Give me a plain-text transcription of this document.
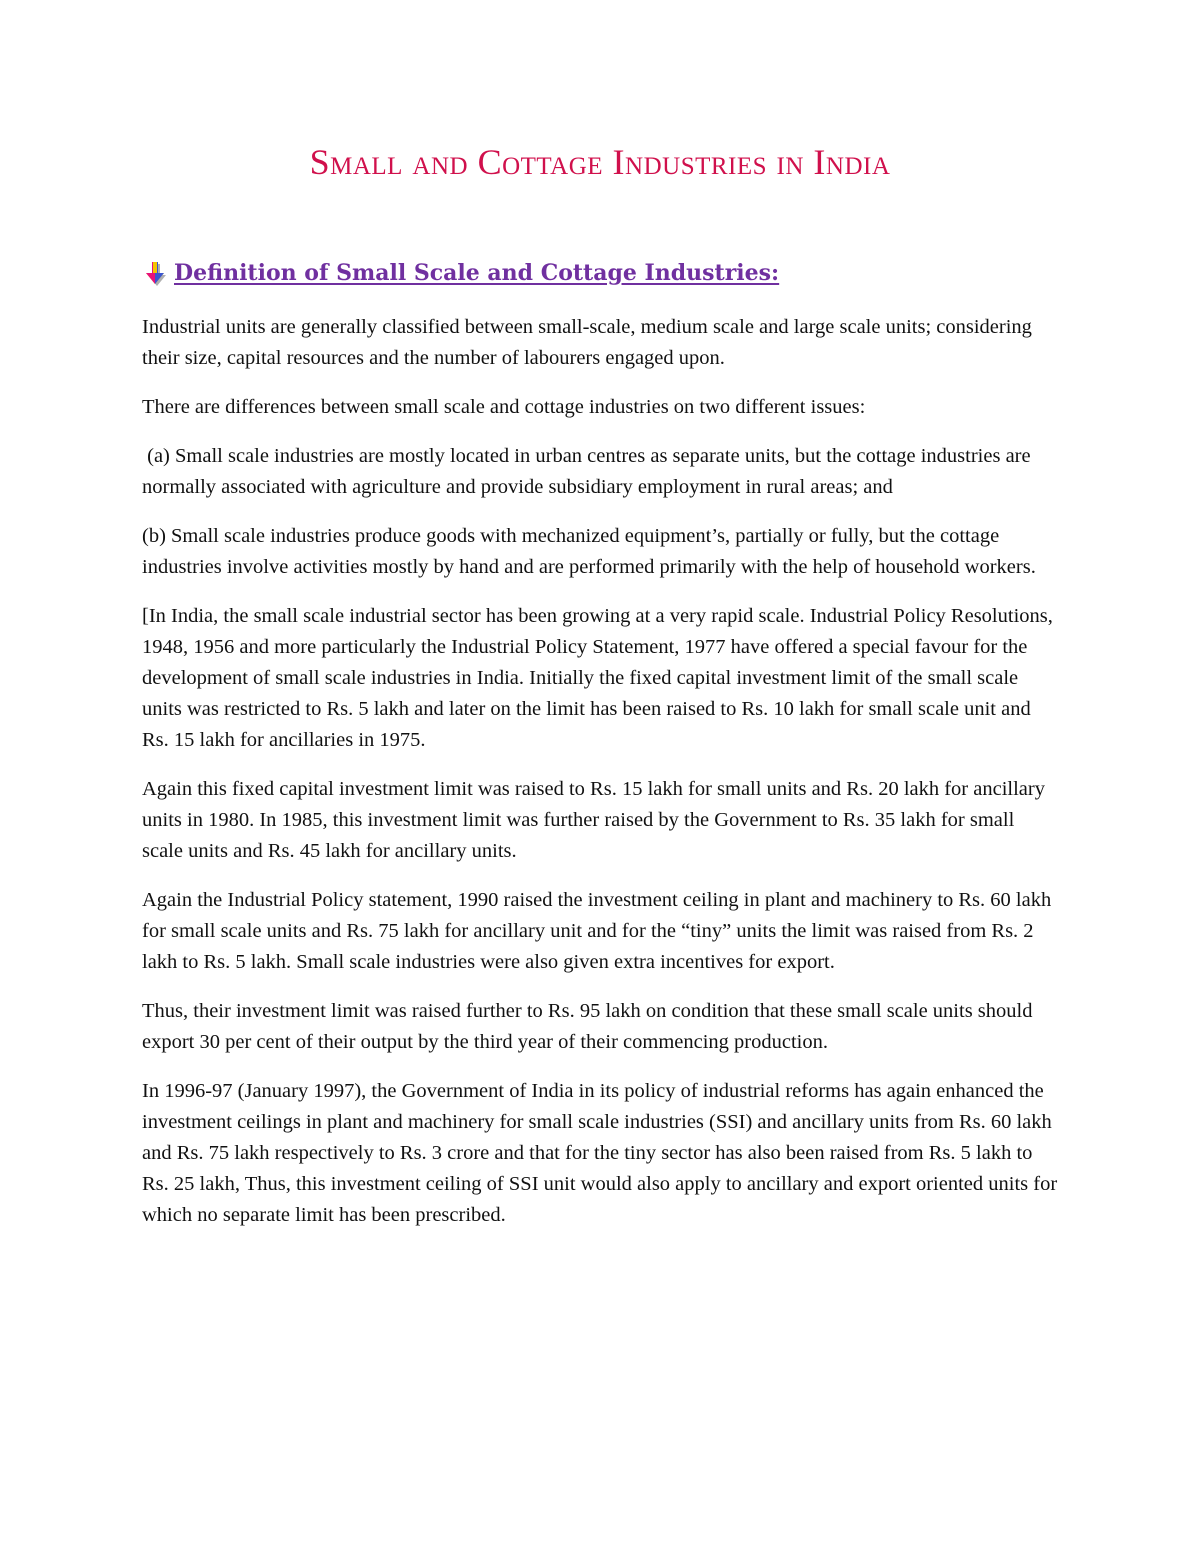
Small and Cottage Industries in India
Definition of Small Scale and Cottage Industries:

Industrial units are generally classified between small-scale, medium scale and large scale units; considering their size, capital resources and the number of labourers engaged upon.

There are differences between small scale and cottage industries on two different issues:

(a) Small scale industries are mostly located in urban centres as separate units, but the cottage industries are normally associated with agriculture and provide subsidiary employment in rural areas; and

(b) Small scale industries produce goods with mechanized equipment’s, partially or fully, but the cottage industries involve activities mostly by hand and are performed primarily with the help of household workers.

[In India, the small scale industrial sector has been growing at a very rapid scale. Industrial Policy Resolutions, 1948, 1956 and more particularly the Industrial Policy Statement, 1977 have offered a special favour for the development of small scale industries in India. Initially the fixed capital investment limit of the small scale units was restricted to Rs. 5 lakh and later on the limit has been raised to Rs. 10 lakh for small scale unit and Rs. 15 lakh for ancillaries in 1975.

Again this fixed capital investment limit was raised to Rs. 15 lakh for small units and Rs. 20 lakh for ancillary units in 1980. In 1985, this investment limit was further raised by the Government to Rs. 35 lakh for small scale units and Rs. 45 lakh for ancillary units.

Again the Industrial Policy statement, 1990 raised the investment ceiling in plant and machinery to Rs. 60 lakh for small scale units and Rs. 75 lakh for ancillary unit and for the “tiny” units the limit was raised from Rs. 2 lakh to Rs. 5 lakh. Small scale industries were also given extra incentives for export.

Thus, their investment limit was raised further to Rs. 95 lakh on condition that these small scale units should export 30 per cent of their output by the third year of their commencing production.

In 1996-97 (January 1997), the Government of India in its policy of industrial reforms has again enhanced the investment ceilings in plant and machinery for small scale industries (SSI) and ancillary units from Rs. 60 lakh and Rs. 75 lakh respectively to Rs. 3 crore and that for the tiny sector has also been raised from Rs. 5 lakh to Rs. 25 lakh, Thus, this investment ceiling of SSI unit would also apply to ancillary and export oriented units for which no separate limit has been prescribed.
